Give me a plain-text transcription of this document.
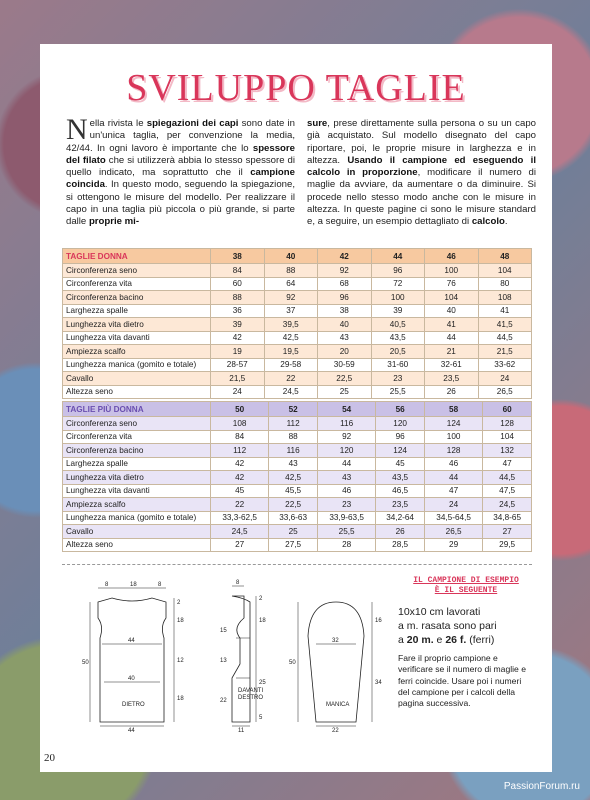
SVILUPPO TAGLIE
Nella rivista le spiegazioni dei capi sono date in un'unica taglia, per convenzione la media, 42/44. In ogni lavoro è importante che lo spessore del filato che si utilizzerà abbia lo stesso spessore di quello indicato, ma soprattutto che il campione coincida. In questo modo, seguendo la spiegazione, si ottengono le misure del modello. Per realizzare il capo in una taglia più piccola o più grande, si parte dalle proprie mi-
sure, prese direttamente sulla persona o su un capo già acquistato. Sul modello disegnato del capo riportare, poi, le proprie misure in larghezza e in altezza. Usando il campione ed eseguendo il calcolo in proporzione, modificare il numero di maglie da avviare, da aumentare o da diminuire. Si procede nello stesso modo anche con le misure in altezza. In queste pagine ci sono le misure standard e, a seguire, un esempio dettagliato di calcolo.
TAGLIE DONNA	38	40	42	44	46	48
Circonferenza seno	84	88	92	96	100	104
Circonferenza vita	60	64	68	72	76	80
Circonferenza bacino	88	92	96	100	104	108
Larghezza spalle	36	37	38	39	40	41
Lunghezza vita dietro	39	39,5	40	40,5	41	41,5
Lunghezza vita davanti	42	42,5	43	43,5	44	44,5
Ampiezza scalfo	19	19,5	20	20,5	21	21,5
Lunghezza manica (gomito e totale)	28-57	29-58	30-59	31-60	32-61	33-62
Cavallo	21,5	22	22,5	23	23,5	24
Altezza seno	24	24,5	25	25,5	26	26,5
TAGLIE PIÙ DONNA	50	52	54	56	58	60
Circonferenza seno	108	112	116	120	124	128
Circonferenza vita	84	88	92	96	100	104
Circonferenza bacino	112	116	120	124	128	132
Larghezza spalle	42	43	44	45	46	47
Lunghezza vita dietro	42	42,5	43	43,5	44	44,5
Lunghezza vita davanti	45	45,5	46	46,5	47	47,5
Ampiezza scalfo	22	22,5	23	23,5	24	24,5
Lunghezza manica (gomito e totale)	33,3-62,5	33,6-63	33,9-63,5	34,2-64	34,5-64,5	34,8-65
Cavallo	24,5	25	25,5	26	26,5	27
Altezza seno	27	27,5	28	28,5	29	29,5
8	18	8
44
40
44
50
2
18
12
18
8
15
13
22
11
2
18
25
5
32
22
16
34
50
DIETRO
DAVANTI
DESTRO
MANICA
IL CAMPIONE DI ESEMPIO
È IL SEGUENTE
10x10 cm lavorati
a m. rasata sono pari
a 20 m. e 26 f. (ferri)
Fare il proprio campione e verificare se il numero di maglie e ferri coincide. Usare poi i numeri del campione per i calcoli della pagina successiva.
20
PassionForum.ru
